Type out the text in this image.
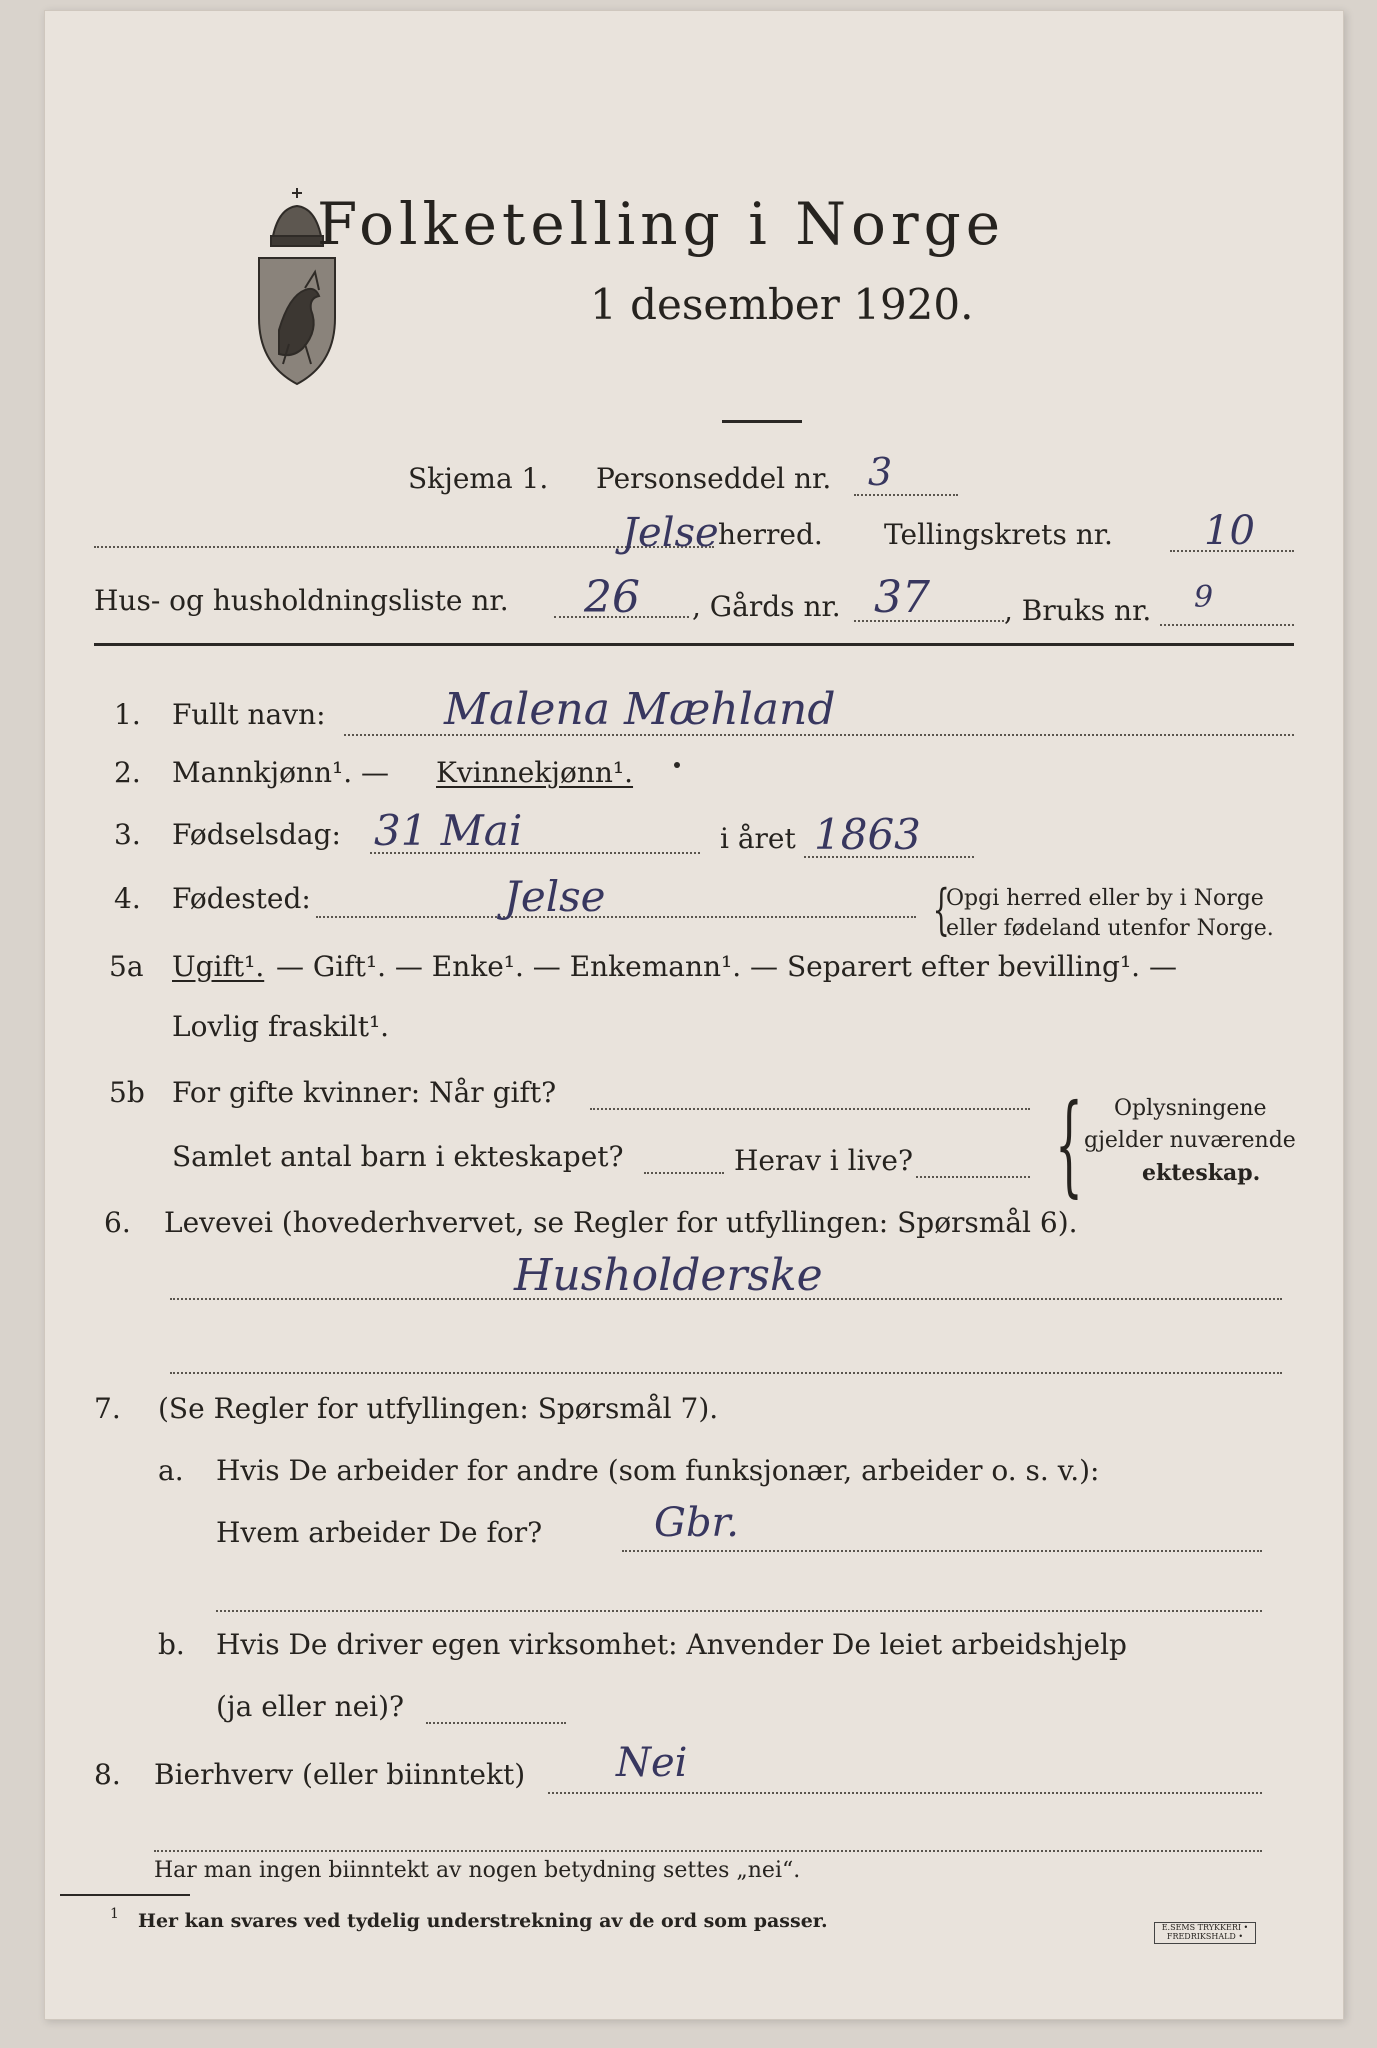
Folketelling i Norge
1 desember 1920.
Skjema 1. Personseddel nr. 3
Jelse herred. Tellingskrets nr. 10
Hus- og husholdningsliste nr. 26 , Gårds nr. 37	, Bruks nr. 9
1. Fullt navn:	Malena Mæhland
2. Mannkjønn¹. — Kvinnekjønn¹.
3. Fødselsdag: 31 Mai	i året 1863
4. Fødested:	Jelse	{
Opgi herred eller by i Norge
eller fødeland utenfor Norge.
5a Ugift¹. — Gift¹. — Enke¹. — Enkemann¹. — Separert efter bevilling¹. —
Lovlig fraskilt¹.
5b For gifte kvinner: Når gift?
Samlet antal barn i ekteskapet?	Herav i live? { Oplysningene
gjelder nuværende
ekteskap.
6. Levevei (hovederhvervet, se Regler for utfyllingen: Spørsmål 6).
Husholderske
7. (Se Regler for utfyllingen: Spørsmål 7).
a. Hvis De arbeider for andre (som funksjonær, arbeider o. s. v.):
Hvem arbeider De for?	Gbr.
b. Hvis De driver egen virksomhet: Anvender De leiet arbeidshjelp
(ja eller nei)?
8. Bierhverv (eller biinntekt) Nei
Har man ingen biinntekt av nogen betydning settes „nei“.
1 Her kan svares ved tydelig understrekning av de ord som passer.	E.SEMS TRYKKERI • FREDRIKSHALD •
